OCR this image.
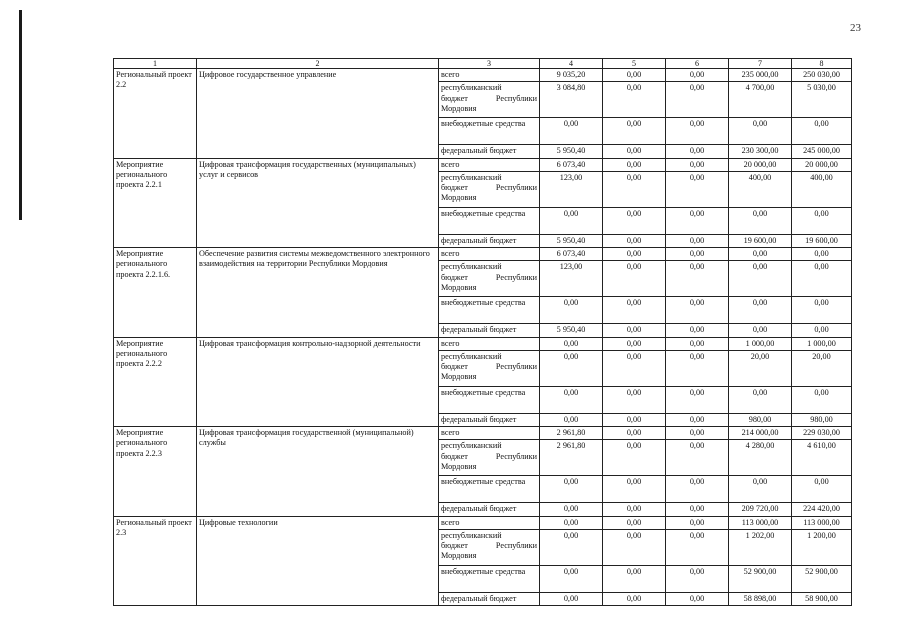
23
1	2	3	4	5	6	7	8
Региональный проект 2.2	Цифровое государственное управление	всего	9 035,20	0,00	0,00	235 000,00	250 030,00

		республиканский
бюджет Республики
Мордовия	3 084,80	0,00	0,00	4 700,00	5 030,00
		внебюджетные средства	0,00	0,00	0,00	0,00	0,00
		федеральный бюджет	5 950,40	0,00	0,00	230 300,00	245 000,00
Мероприятие регионального проекта 2.2.1	Цифровая трансформация государственных (муниципальных) услуг и сервисов	всего	6 073,40	0,00	0,00	20 000,00	20 000,00

		республиканский
бюджет Республики
Мордовия	123,00	0,00	0,00	400,00	400,00
		внебюджетные средства	0,00	0,00	0,00	0,00	0,00
		федеральный бюджет	5 950,40	0,00	0,00	19 600,00	19 600,00
Мероприятие регионального проекта 2.2.1.6.	Обеспечение развития системы межведомственного электронного взаимодействия на территории Республики Мордовия	всего	6 073,40	0,00	0,00	0,00	0,00

		республиканский
бюджет Республики
Мордовия	123,00	0,00	0,00	0,00	0,00
		внебюджетные средства	0,00	0,00	0,00	0,00	0,00
		федеральный бюджет	5 950,40	0,00	0,00	0,00	0,00
Мероприятие регионального проекта 2.2.2	Цифровая трансформация контрольно-надзорной деятельности	всего	0,00	0,00	0,00	1 000,00	1 000,00

		республиканский
бюджет Республики
Мордовия	0,00	0,00	0,00	20,00	20,00
		внебюджетные средства	0,00	0,00	0,00	0,00	0,00
		федеральный бюджет	0,00	0,00	0,00	980,00	980,00
Мероприятие регионального проекта 2.2.3	Цифровая трансформация государственной (муниципальной) службы	всего	2 961,80	0,00	0,00	214 000,00	229 030,00

		республиканский
бюджет Республики
Мордовия	2 961,80	0,00	0,00	4 280,00	4 610,00
		внебюджетные средства	0,00	0,00	0,00	0,00	0,00
		федеральный бюджет	0,00	0,00	0,00	209 720,00	224 420,00
Региональный проект 2.3	Цифровые технологии	всего	0,00	0,00	0,00	113 000,00	113 000,00

		республиканский
бюджет Республики
Мордовия	0,00	0,00	0,00	1 202,00	1 200,00
		внебюджетные средства	0,00	0,00	0,00	52 900,00	52 900,00
		федеральный бюджет	0,00	0,00	0,00	58 898,00	58 900,00
